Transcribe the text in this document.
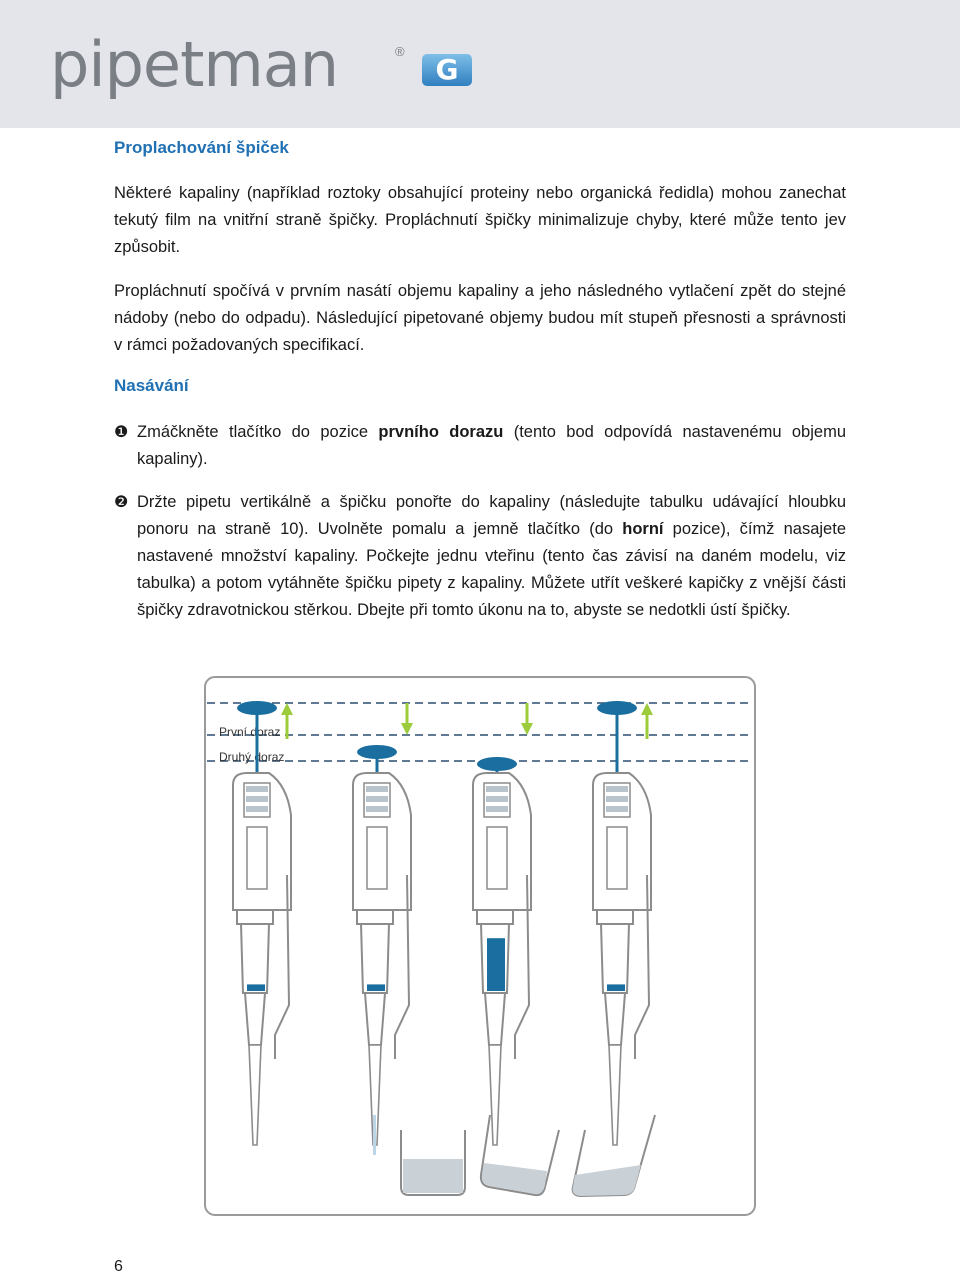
pipetman	®
G
Proplachování špiček

Některé kapaliny (například roztoky obsahující proteiny nebo organická ředidla) mohou zanechat tekutý film na vnitřní straně špičky. Propláchnutí špičky minimalizuje chyby, které může tento jev způsobit.

Propláchnutí spočívá v prvním nasátí objemu kapaliny a jeho následného vytlačení zpět do stejné nádoby (nebo do odpadu). Následující pipetované objemy budou mít stupeň přesnosti a správnosti v rámci požadovaných specifikací.

Nasávání
❶ Zmáčkněte tlačítko do pozice prvního dorazu (tento bod odpovídá nastavenému objemu kapaliny).
❷ Držte pipetu vertikálně a špičku ponořte do kapaliny (následujte tabulku udávající hloubku ponoru na straně 10). Uvolněte pomalu a jemně tlačítko (do horní pozice), čímž nasajete nastavené množství kapaliny. Počkejte jednu vteřinu (tento čas závisí na daném modelu, viz tabulka) a potom vytáhněte špičku pipety z kapaliny. Můžete utřít veškeré kapičky z vnější části špičky zdravotnickou stěrkou. Dbejte při tomto úkonu na to, abyste se nedotkli ústí špičky.
První doraz
Druhý doraz
6
